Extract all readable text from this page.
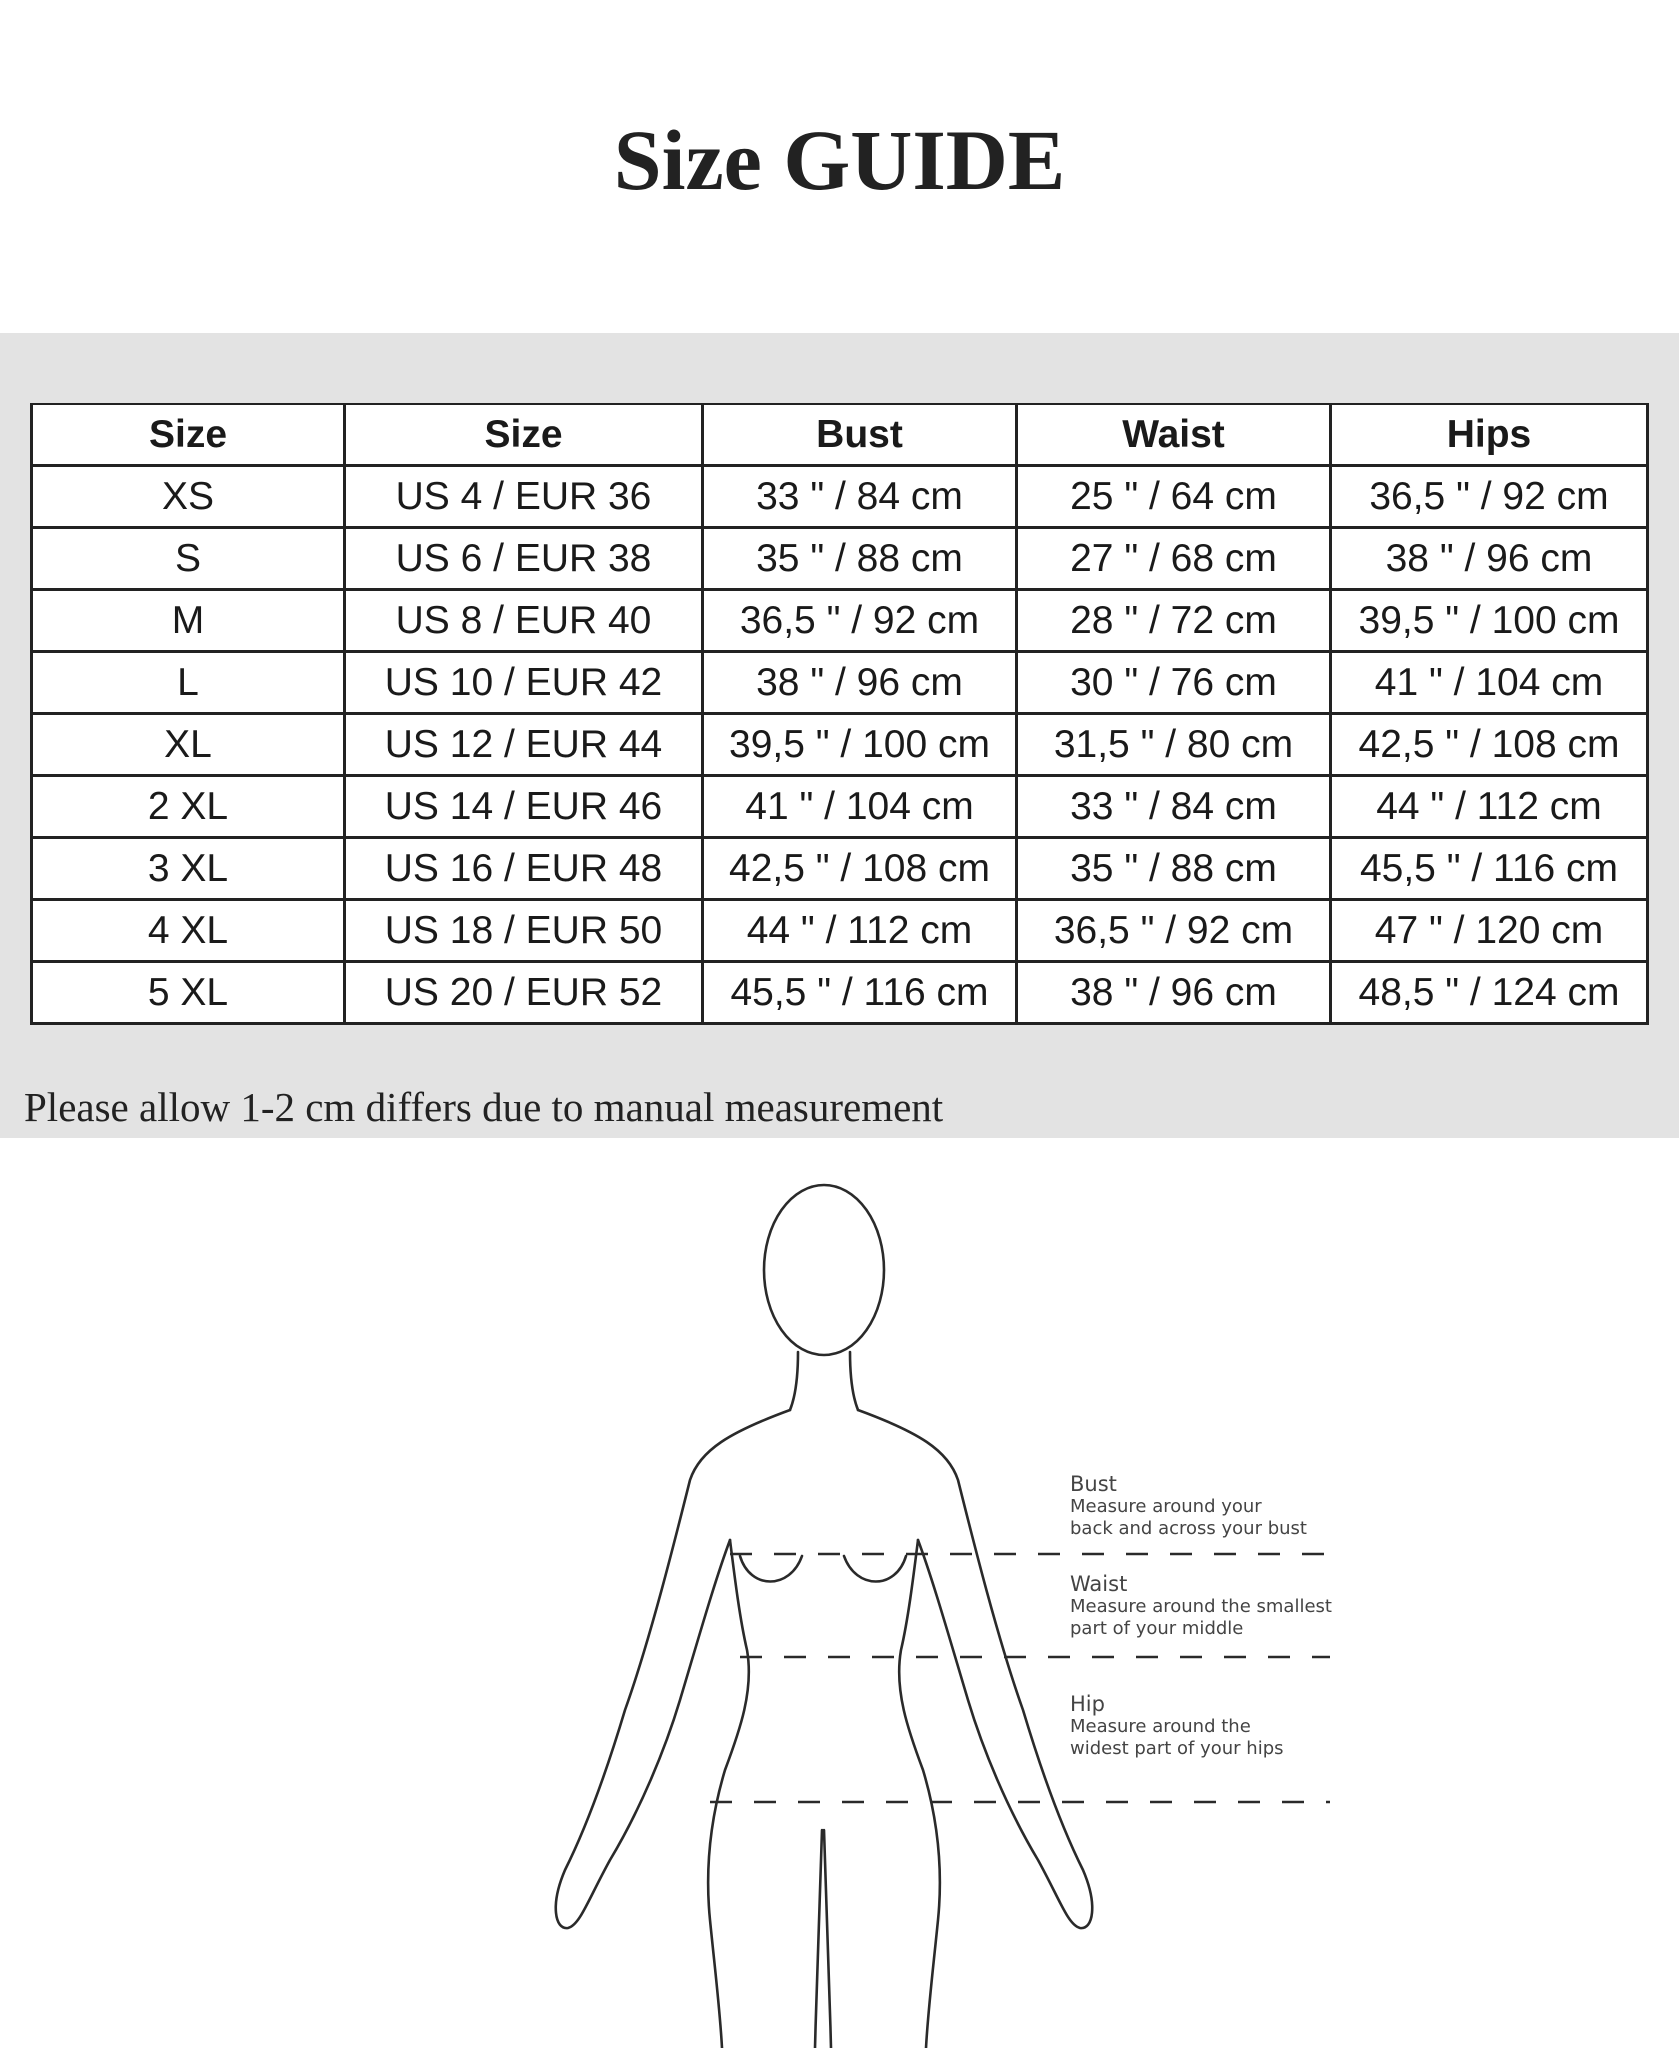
Size GUIDE
Size	Size	Bust	Waist	Hips
XS	US 4 / EUR 36	33 " / 84 cm	25 " / 64 cm	36,5 " / 92 cm
S	US 6 / EUR 38	35 " / 88 cm	27 " / 68 cm	38 " / 96 cm
M	US 8 / EUR 40	36,5 " / 92 cm	28 " / 72 cm	39,5 " / 100 cm
L	US 10 / EUR 42	38 " / 96 cm	30 " / 76 cm	41 " / 104 cm
XL	US 12 / EUR 44	39,5 " / 100 cm	31,5 " / 80 cm	42,5 " / 108 cm
2 XL	US 14 / EUR 46	41 " / 104 cm	33 " / 84 cm	44 " / 112 cm
3 XL	US 16 / EUR 48	42,5 " / 108 cm	35 " / 88 cm	45,5 " / 116 cm
4 XL	US 18 / EUR 50	44 " / 112 cm	36,5 " / 92 cm	47 " / 120 cm
5 XL	US 20 / EUR 52	45,5 " / 116 cm	38 " / 96 cm	48,5 " / 124 cm

Please allow 1-2 cm differs due to manual measurement

Bust
Measure around your
back and across your bust
Waist
Measure around the smallest
part of your middle
Hip
Measure around the
widest part of your hips
